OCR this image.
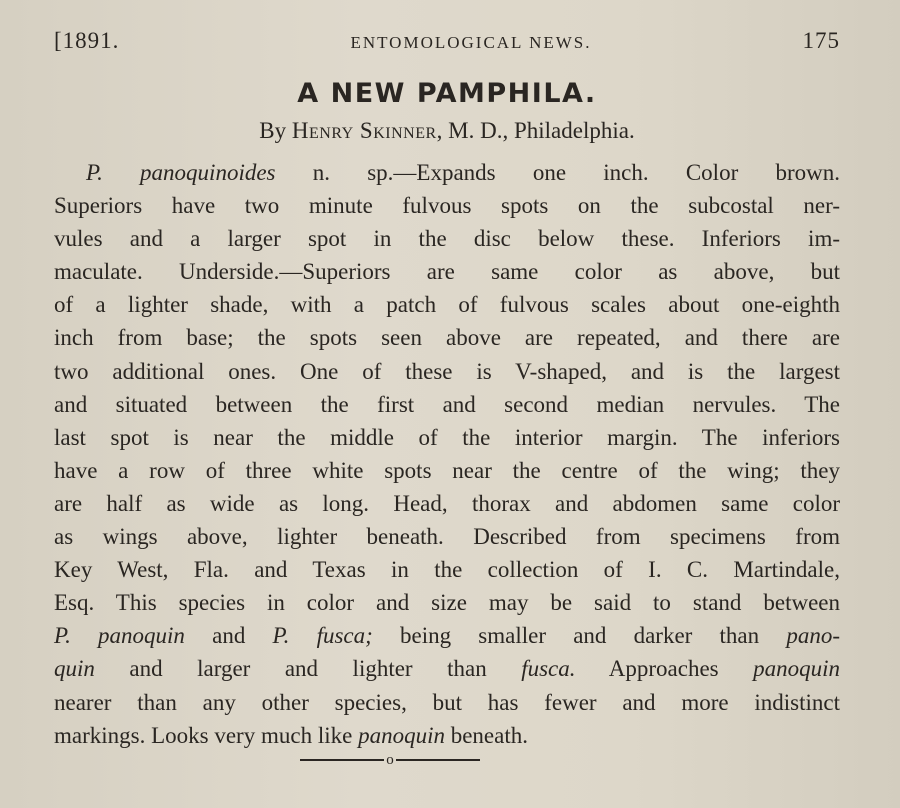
[1891.	ENTOMOLOGICAL NEWS.	175
A NEW PAMPHILA.
By Henry Skinner, M. D., Philadelphia.
P. panoquinoides n. sp.—Expands one inch. Color brown.
Superiors have two minute fulvous spots on the subcostal ner-
vules and a larger spot in the disc below these. Inferiors im-
maculate. Underside.—Superiors are same color as above, but
of a lighter shade, with a patch of fulvous scales about one-eighth
inch from base; the spots seen above are repeated, and there are
two additional ones. One of these is V-shaped, and is the largest
and situated between the first and second median nervules. The
last spot is near the middle of the interior margin. The inferiors
have a row of three white spots near the centre of the wing; they
are half as wide as long. Head, thorax and abdomen same color
as wings above, lighter beneath. Described from specimens from
Key West, Fla. and Texas in the collection of I. C. Martindale,
Esq. This species in color and size may be said to stand between
P. panoquin and P. fusca; being smaller and darker than pano-
quin and larger and lighter than fusca. Approaches panoquin
nearer than any other species, but has fewer and more indistinct
markings. Looks very much like panoquin beneath.
o
